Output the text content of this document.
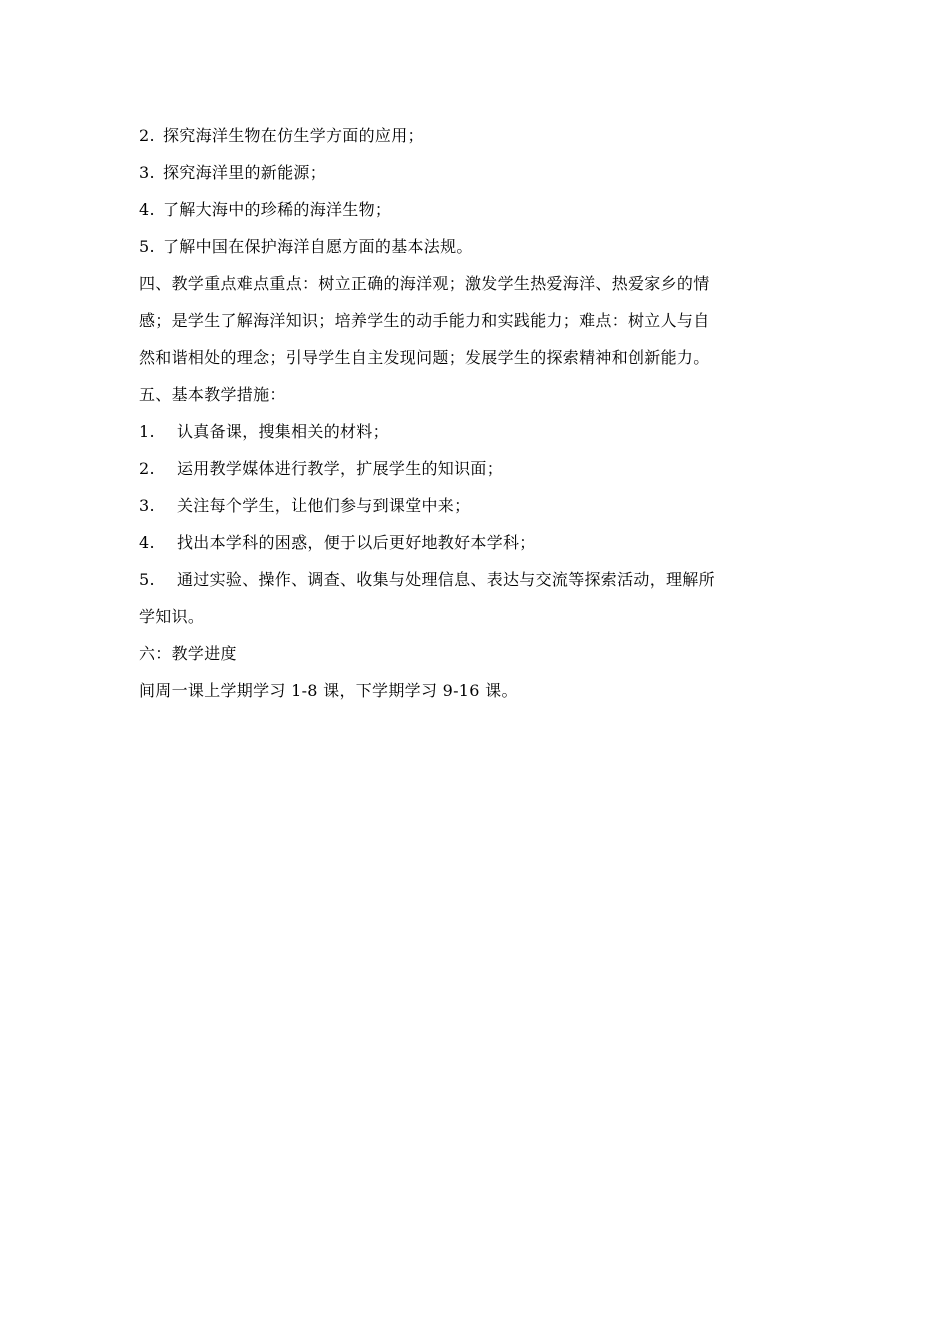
2. 探究海洋生物在仿生学方面的应用；
3. 探究海洋里的新能源；
4. 了解大海中的珍稀的海洋生物；
5. 了解中国在保护海洋自愿方面的基本法规。
四、教学重点难点重点：树立正确的海洋观；激发学生热爱海洋、热爱家乡的情
感；是学生了解海洋知识；培养学生的动手能力和实践能力；难点：树立人与自
然和谐相处的理念；引导学生自主发现问题；发展学生的探索精神和创新能力。
五、基本教学措施：
1. 认真备课，搜集相关的材料；
2. 运用教学媒体进行教学，扩展学生的知识面；
3. 关注每个学生，让他们参与到课堂中来；
4. 找出本学科的困惑，便于以后更好地教好本学科；
5. 通过实验、操作、调查、收集与处理信息、表达与交流等探索活动，理解所
学知识。
六：教学进度
间周一课上学期学习 1-8 课，下学期学习 9-16 课。
